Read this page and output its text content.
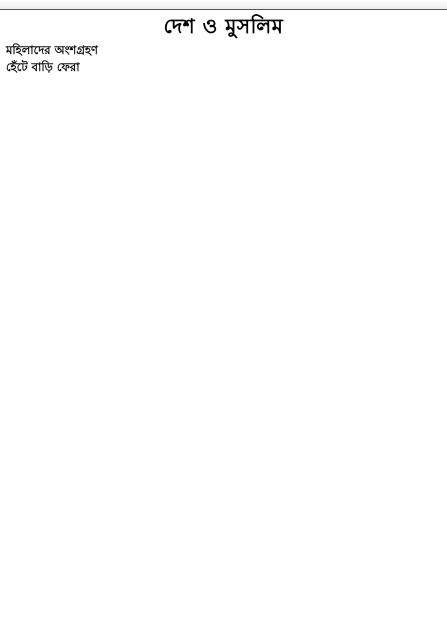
দেশ ও মুসলিম

মহিলাদের অংশগ্রহণ

হেঁটে বাড়ি ফেরা
